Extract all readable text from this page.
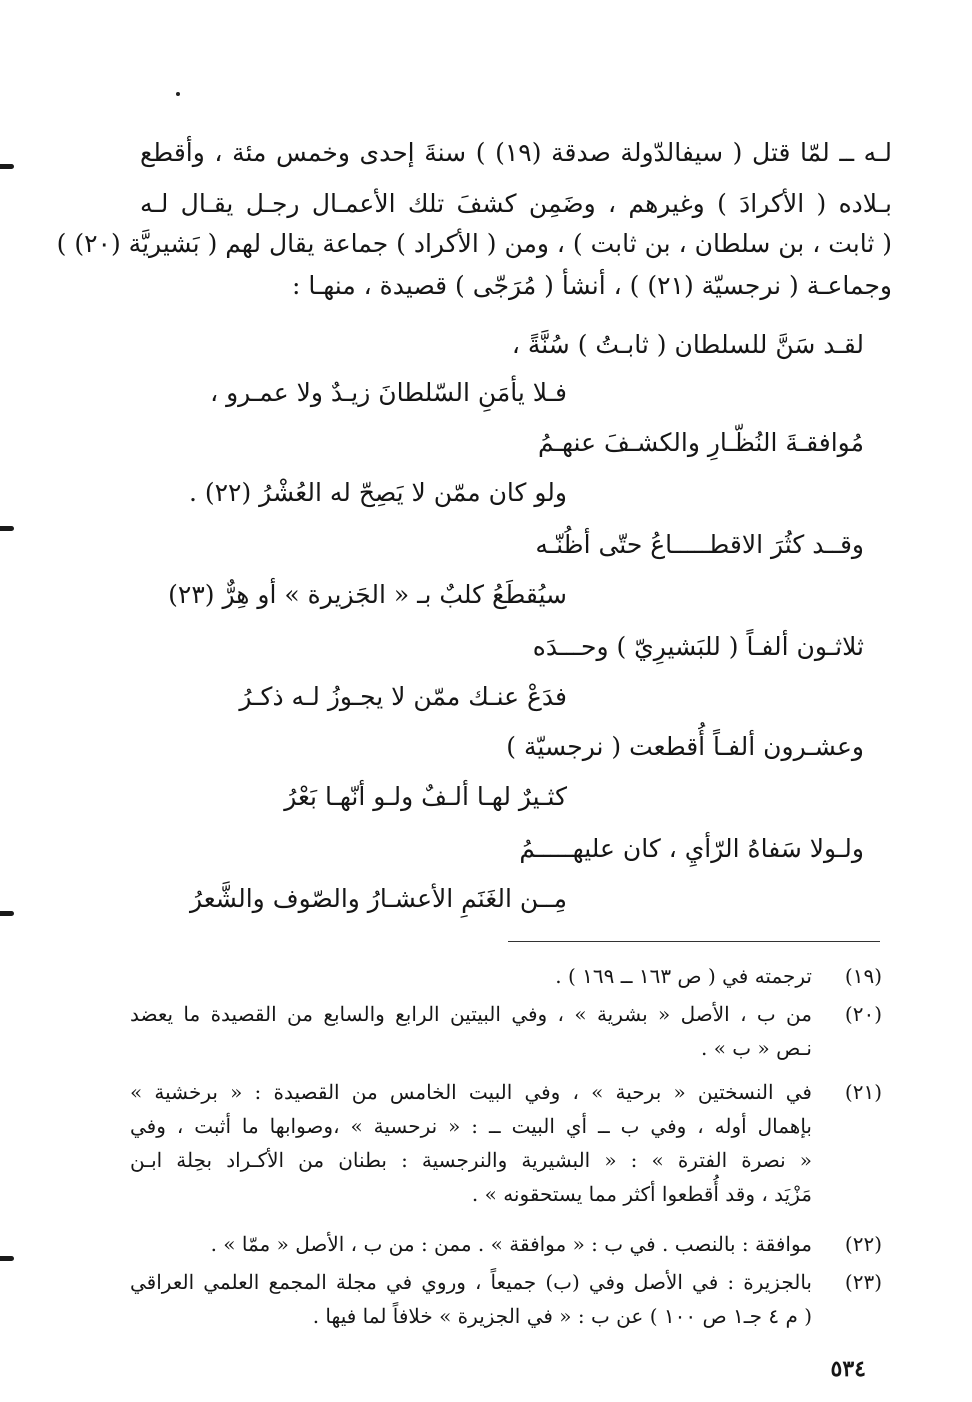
لـه ــ لمّا قتل ( سيفالدّولة صدقة (١٩) ) سنةَ إحدى وخمس مئة ، وأقطع
بـلاده ( الأكرادَ ) وغيرهم ، وضَمِن كشفَ تلك الأعمـال رجـل يقـال لـه
( ثابت ، بن سلطان ، بن ثابت ) ، ومن ( الأكراد ) جماعة يقال لهم ( بَشيريَّة (٢٠) )
وجماعـة ( نرجسيّة (٢١) ) ، أنشأ ( مُرَجّى ) قصيدة ، منهـا :
لقـد سَنَّ للسلطان ( ثابـتُ ) سُنَّةً ،
فـلا يأمَنِ السّلطانَ زيـدٌ ولا عمـرو ،
مُوافقـةَ النُظّـارِ والكشـفَ عنهـمُ
ولو كان ممّن لا يَصِحّ له العُشْرُ (٢٢) .
وقــد كثُرَ الاقطـــــاعُ حتّى أظُنّـه
سيُقطَعُ كلبٌ بـ « الجَزيرة » أو هِرٌّ (٢٣)
ثلاثـون ألفـاً ( للبَشيرِيّ ) وحـــدَه
فدَعْ عنـك ممّن لا يجـوزُ لـه ذكـرُ
وعشـرون ألفـاً أُقطعت ( نرجسيّة )
كثـيرٌ لهـا ألـفٌ ولـو أنّهـا بَعْرُ
ولـولا سَفاهُ الرّأيِ ، كان عليهـــــمُ
مِــن الغَنَمِ الأعشـارُ والصّوف والشَّعرُ
(١٩)
ترجمته في ( ص ١٦٣ ــ ١٦٩ ) .
(٢٠)
من ب ، الأصل « بشرية » ، وفي البيتين الرابع والسابع من القصيدة ما يعضد
نـص « ب » .
(٢١)
في النسختين « برحية » ، وفي البيت الخامس من القصيدة : « برخشية »
بإهمال أوله ، وفي ب ــ أي البيت ــ : « نرحسية » ،وصوابها ما أثبت ، وفي
« نصرة الفترة » : « البشيرية والنرجسية : بطنان من الأكـراد بحِلة ابـن
مَزْيَد ، وقد أُقطعوا أكثر مما يستحقونه » .
(٢٢)
موافقة : بالنصب . في ب : « موافقة » . ممن : من ب ، الأصل « ممّا » .
(٢٣)
بالجزيرة : في الأصل وفي (ب) جميعاً ، وروي في مجلة المجمع العلمي العراقي
( م ٤ جـ١ ص ١٠٠ ) عن ب : « في الجزيرة » خلافاً لما فيها .
٥٣٤
